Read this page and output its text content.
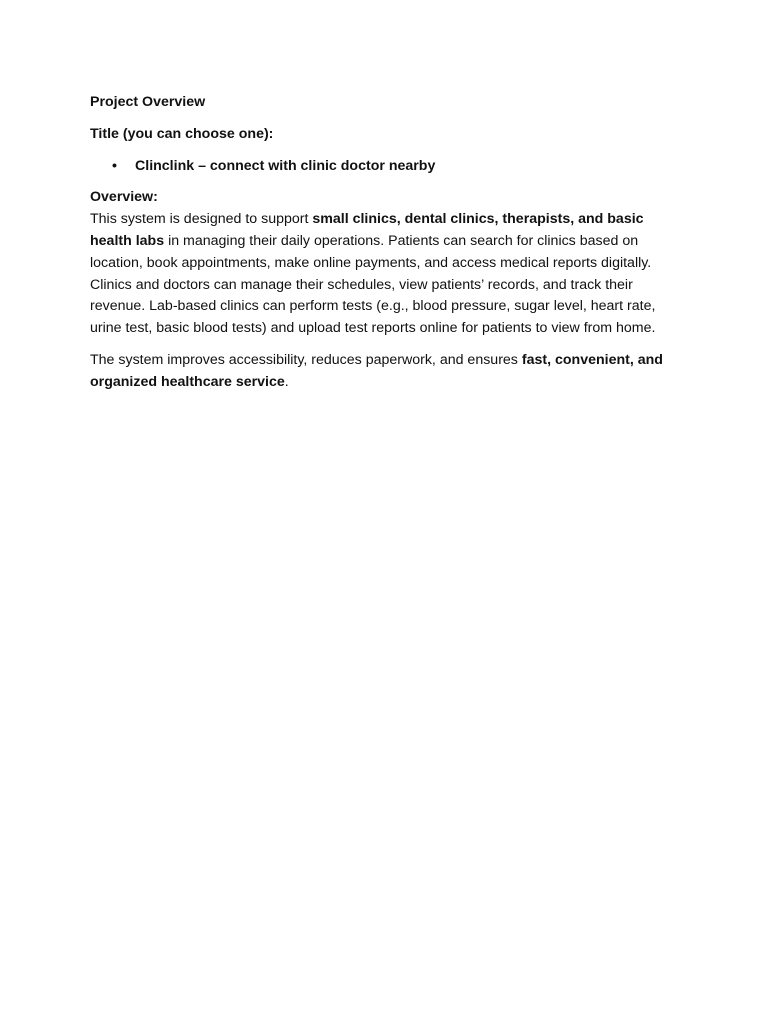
Project Overview

Title (you can choose one):

• Clinclink – connect with clinic doctor nearby

Overview:

This system is designed to support small clinics, dental clinics, therapists, and basic health labs in managing their daily operations. Patients can search for clinics based on location, book appointments, make online payments, and access medical reports digitally. Clinics and doctors can manage their schedules, view patients’ records, and track their revenue. Lab-based clinics can perform tests (e.g., blood pressure, sugar level, heart rate, urine test, basic blood tests) and upload test reports online for patients to view from home.

The system improves accessibility, reduces paperwork, and ensures fast, convenient, and organized healthcare service.
